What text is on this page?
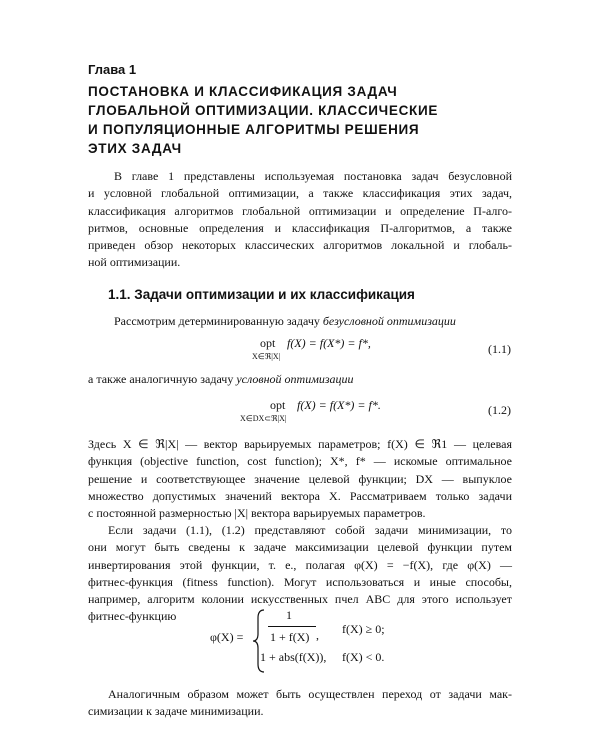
Глава 1
ПОСТАНОВКА И КЛАССИФИКАЦИЯ ЗАДАЧ
ГЛОБАЛЬНОЙ ОПТИМИЗАЦИИ. КЛАССИЧЕСКИЕ
И ПОПУЛЯЦИОННЫЕ АЛГОРИТМЫ РЕШЕНИЯ
ЭТИХ ЗАДАЧ
В главе 1 представлены используемая постановка задач безусловной
и условной глобальной оптимизации, а также классификация этих задач,
классификация алгоритмов глобальной оптимизации и определение П-алго-
ритмов, основные определения и классификация П-алгоритмов, а также
приведен обзор некоторых классических алгоритмов локальной и глобаль-
ной оптимизации.
1.1. Задачи оптимизации и их классификация
Рассмотрим детерминированную задачу безусловной оптимизации
opt
X∈ℜ|X|
f(X) = f(X*) = f*,	(1.1)
а также аналогичную задачу условной оптимизации
opt
X∈DX⊂ℜ|X|
f(X) = f(X*) = f*.	(1.2)
Здесь X ∈ ℜ|X| — вектор варьируемых параметров; f(X) ∈ ℜ1 — целевая
функция (objective function, cost function); X*, f* — искомые оптимальное
решение и соответствующее значение целевой функции; DX — выпуклое
множество допустимых значений вектора X. Рассматриваем только задачи
с постоянной размерностью |X| вектора варьируемых параметров.
Если задачи (1.1), (1.2) представляют собой задачи минимизации, то
они могут быть сведены к задаче максимизации целевой функции путем
инвертирования этой функции, т. е., полагая φ(X) = −f(X), где φ(X) —
фитнес-функция (fitness function). Могут использоваться и иные способы,
например, алгоритм колонии искусственных пчел ABC для этого использует
фитнес-функцию
φ(X) =
1
1 + f(X) , f(X) ≥ 0;
1 + abs(f(X)), f(X) < 0.
Аналогичным образом может быть осуществлен переход от задачи мак-
симизации к задаче минимизации.
